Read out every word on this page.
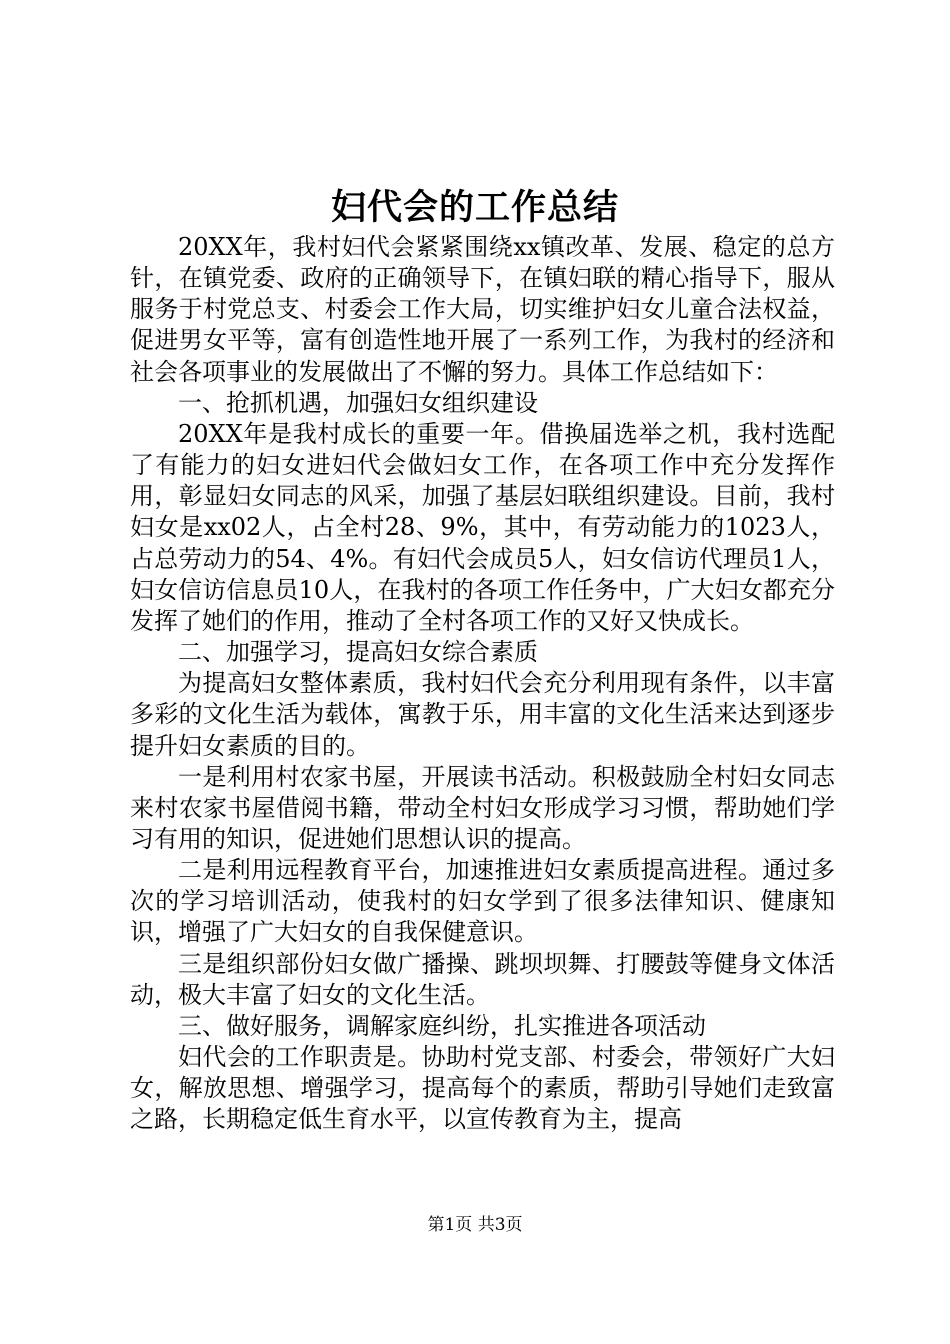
妇代会的工作总结

20XX年，我村妇代会紧紧围绕xx镇改革、发展、稳定的总方针，在镇党委、政府的正确领导下，在镇妇联的精心指导下，服从服务于村党总支、村委会工作大局，切实维护妇女儿童合法权益，促进男女平等，富有创造性地开展了一系列工作，为我村的经济和社会各项事业的发展做出了不懈的努力。具体工作总结如下：

一、抢抓机遇，加强妇女组织建设

20XX年是我村成长的重要一年。借换届选举之机，我村选配了有能力的妇女进妇代会做妇女工作，在各项工作中充分发挥作用，彰显妇女同志的风采，加强了基层妇联组织建设。目前，我村妇女是xx02人，占全村28、9%，其中，有劳动能力的1023人，占总劳动力的54、4%。有妇代会成员5人，妇女信访代理员1人，妇女信访信息员10人，在我村的各项工作任务中，广大妇女都充分发挥了她们的作用，推动了全村各项工作的又好又快成长。

二、加强学习，提高妇女综合素质

为提高妇女整体素质，我村妇代会充分利用现有条件，以丰富多彩的文化生活为载体，寓教于乐，用丰富的文化生活来达到逐步提升妇女素质的目的。

一是利用村农家书屋，开展读书活动。积极鼓励全村妇女同志来村农家书屋借阅书籍，带动全村妇女形成学习习惯，帮助她们学习有用的知识，促进她们思想认识的提高。

二是利用远程教育平台，加速推进妇女素质提高进程。通过多次的学习培训活动，使我村的妇女学到了很多法律知识、健康知识，增强了广大妇女的自我保健意识。

三是组织部份妇女做广播操、跳坝坝舞、打腰鼓等健身文体活动，极大丰富了妇女的文化生活。

三、做好服务，调解家庭纠纷，扎实推进各项活动

妇代会的工作职责是。协助村党支部、村委会，带领好广大妇女，解放思想、增强学习，提高每个的素质，帮助引导她们走致富之路，长期稳定低生育水平，以宣传教育为主，提高

第1页 共3页
